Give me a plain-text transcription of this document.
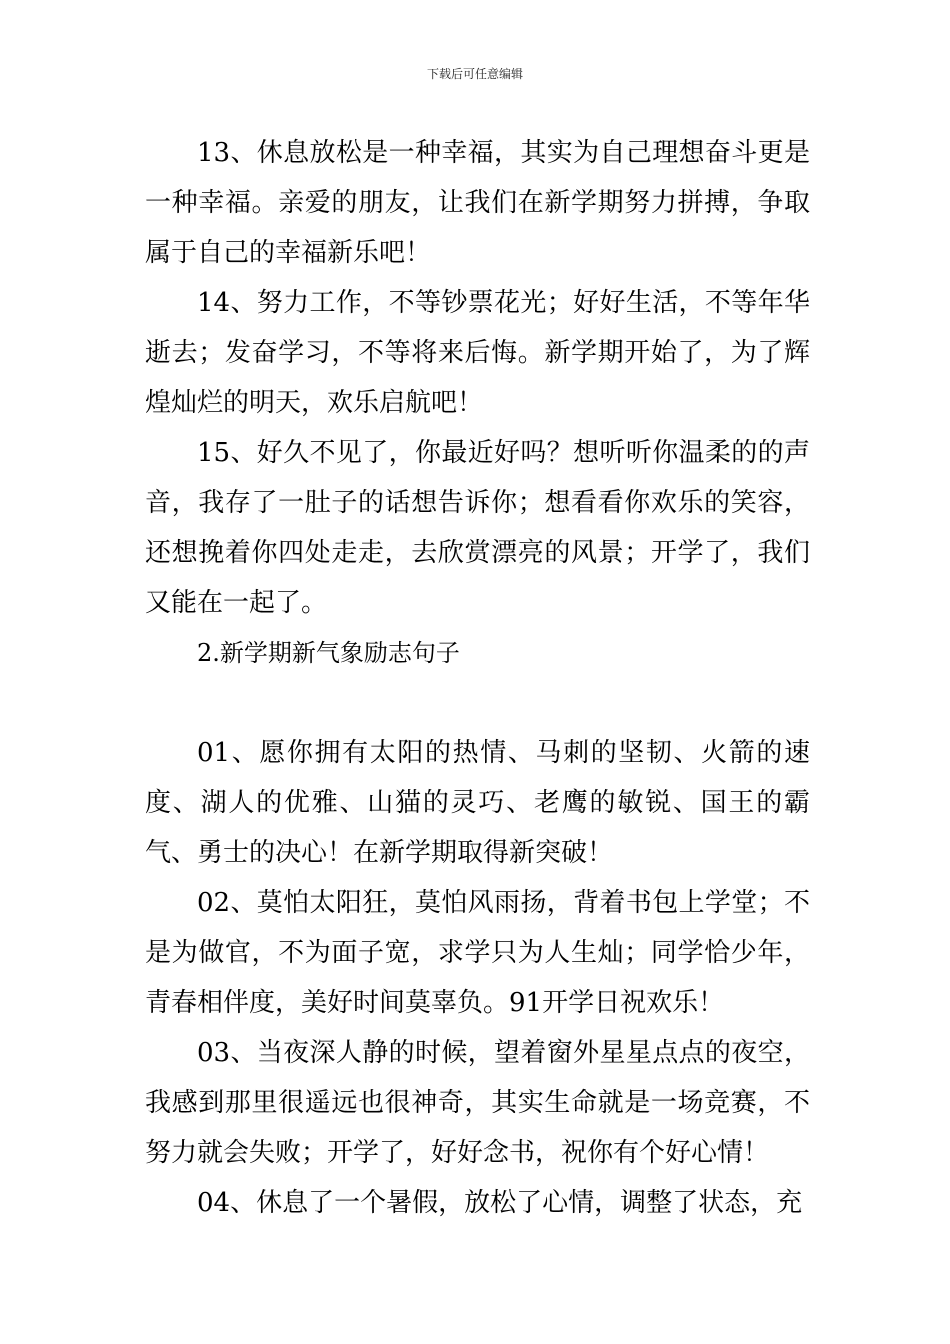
下载后可任意编辑

13、休息放松是一种幸福，其实为自己理想奋斗更是一种幸福。亲爱的朋友，让我们在新学期努力拼搏，争取属于自己的幸福新乐吧！

14、努力工作，不等钞票花光；好好生活，不等年华逝去；发奋学习，不等将来后悔。新学期开始了，为了辉煌灿烂的明天，欢乐启航吧！

15、好久不见了，你最近好吗？想听听你温柔的的声音，我存了一肚子的话想告诉你；想看看你欢乐的笑容，还想挽着你四处走走，去欣赏漂亮的风景；开学了，我们又能在一起了。

2.新学期新气象励志句子

01、愿你拥有太阳的热情、马刺的坚韧、火箭的速度、湖人的优雅、山猫的灵巧、老鹰的敏锐、国王的霸气、勇士的决心！在新学期取得新突破！

02、莫怕太阳狂，莫怕风雨扬，背着书包上学堂；不是为做官，不为面子宽，求学只为人生灿；同学恰少年，青春相伴度，美好时间莫辜负。91开学日祝欢乐！

03、当夜深人静的时候，望着窗外星星点点的夜空，我感到那里很遥远也很神奇，其实生命就是一场竞赛，不努力就会失败；开学了，好好念书，祝你有个好心情！

04、休息了一个暑假，放松了心情，调整了状态，充
